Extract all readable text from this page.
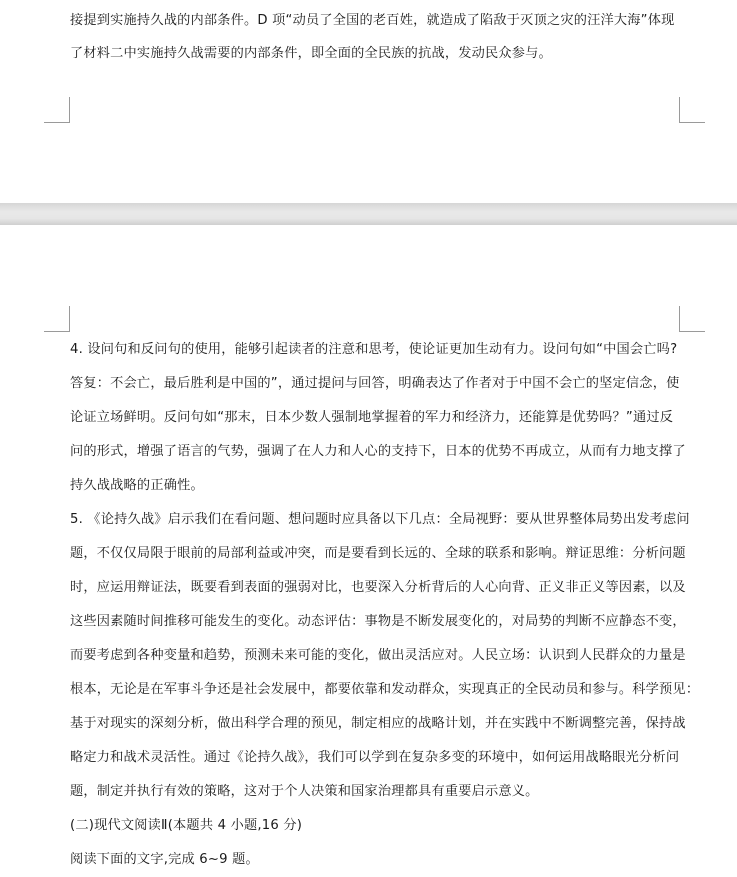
接提到实施持久战的内部条件。D 项“动员了全国的老百姓，就造成了陷敌于灭顶之灾的汪洋大海”体现
了材料二中实施持久战需要的内部条件，即全面的全民族的抗战，发动民众参与。
4. 设问句和反问句的使用，能够引起读者的注意和思考，使论证更加生动有力。设问句如“中国会亡吗?
答复：不会亡，最后胜利是中国的”，通过提问与回答，明确表达了作者对于中国不会亡的坚定信念，使
论证立场鲜明。反问句如“那末，日本少数人强制地掌握着的军力和经济力，还能算是优势吗？”通过反
问的形式，增强了语言的气势，强调了在人力和人心的支持下，日本的优势不再成立，从而有力地支撑了
持久战战略的正确性。
5. 《论持久战》启示我们在看问题、想问题时应具备以下几点：全局视野：要从世界整体局势出发考虑问
题，不仅仅局限于眼前的局部利益或冲突，而是要看到长远的、全球的联系和影响。辩证思维：分析问题
时，应运用辩证法，既要看到表面的强弱对比，也要深入分析背后的人心向背、正义非正义等因素，以及
这些因素随时间推移可能发生的变化。动态评估：事物是不断发展变化的，对局势的判断不应静态不变，
而要考虑到各种变量和趋势，预测未来可能的变化，做出灵活应对。人民立场：认识到人民群众的力量是
根本，无论是在军事斗争还是社会发展中，都要依靠和发动群众，实现真正的全民动员和参与。科学预见：
基于对现实的深刻分析，做出科学合理的预见，制定相应的战略计划，并在实践中不断调整完善，保持战
略定力和战术灵活性。通过《论持久战》，我们可以学到在复杂多变的环境中，如何运用战略眼光分析问
题，制定并执行有效的策略，这对于个人决策和国家治理都具有重要启示意义。
(二)现代文阅读Ⅱ(本题共 4 小题,16 分)
阅读下面的文字,完成 6~9 题。
